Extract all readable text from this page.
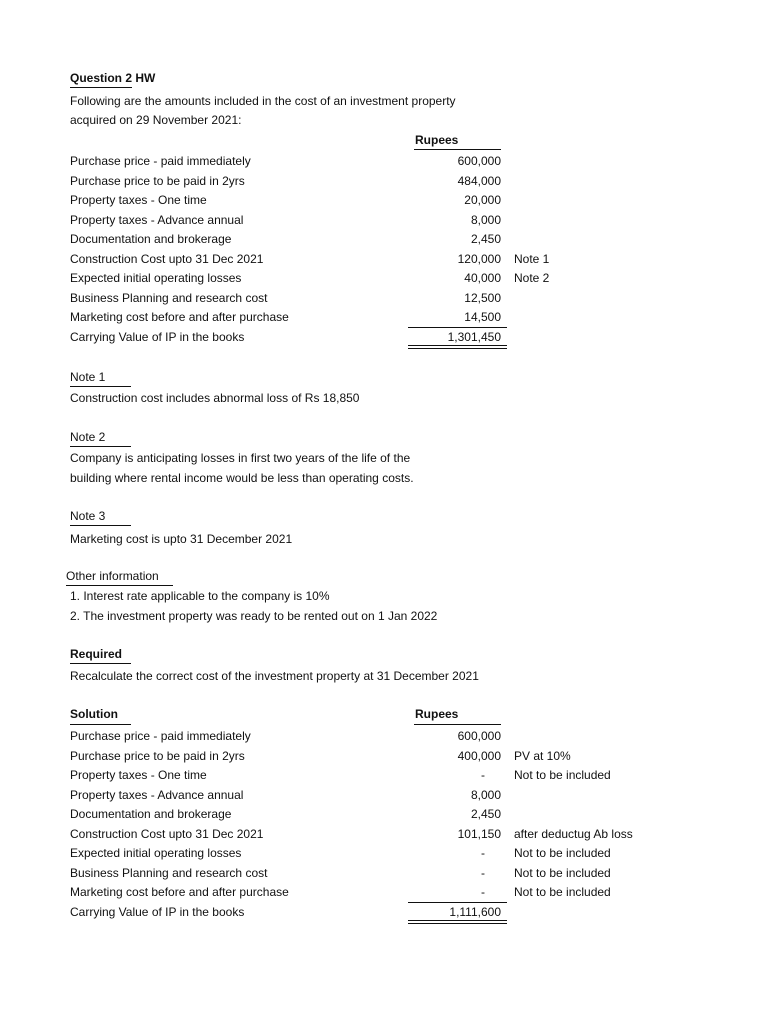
Question 2 HW
Following are the amounts included in the cost of an investment property
acquired on 29 November 2021:
Rupees
Purchase price - paid immediately	600,000
Purchase price to be paid in 2yrs	484,000
Property taxes - One time	20,000
Property taxes - Advance annual	8,000
Documentation and brokerage	2,450
Construction Cost upto 31 Dec 2021	120,000 Note 1
Expected initial operating losses	40,000 Note 2
Business Planning and research cost	12,500
Marketing cost before and after purchase	14,500
Carrying Value of IP in the books	1,301,450
Note 1
Construction cost includes abnormal loss of Rs 18,850
Note 2
Company is anticipating losses in first two years of the life of the
building where rental income would be less than operating costs.
Note 3
Marketing cost is upto 31 December 2021
Other information
1. Interest rate applicable to the company is 10%
2. The investment property was ready to be rented out on 1 Jan 2022
Required
Recalculate the correct cost of the investment property at 31 December 2021
Solution	Rupees
Purchase price - paid immediately	600,000
Purchase price to be paid in 2yrs	400,000 PV at 10%
Property taxes - One time	-	Not to be included
Property taxes - Advance annual	8,000
Documentation and brokerage	2,450
Construction Cost upto 31 Dec 2021	101,150 after deductug Ab loss
Expected initial operating losses	-	Not to be included
Business Planning and research cost	-	Not to be included
Marketing cost before and after purchase	-	Not to be included
Carrying Value of IP in the books	1,111,600
